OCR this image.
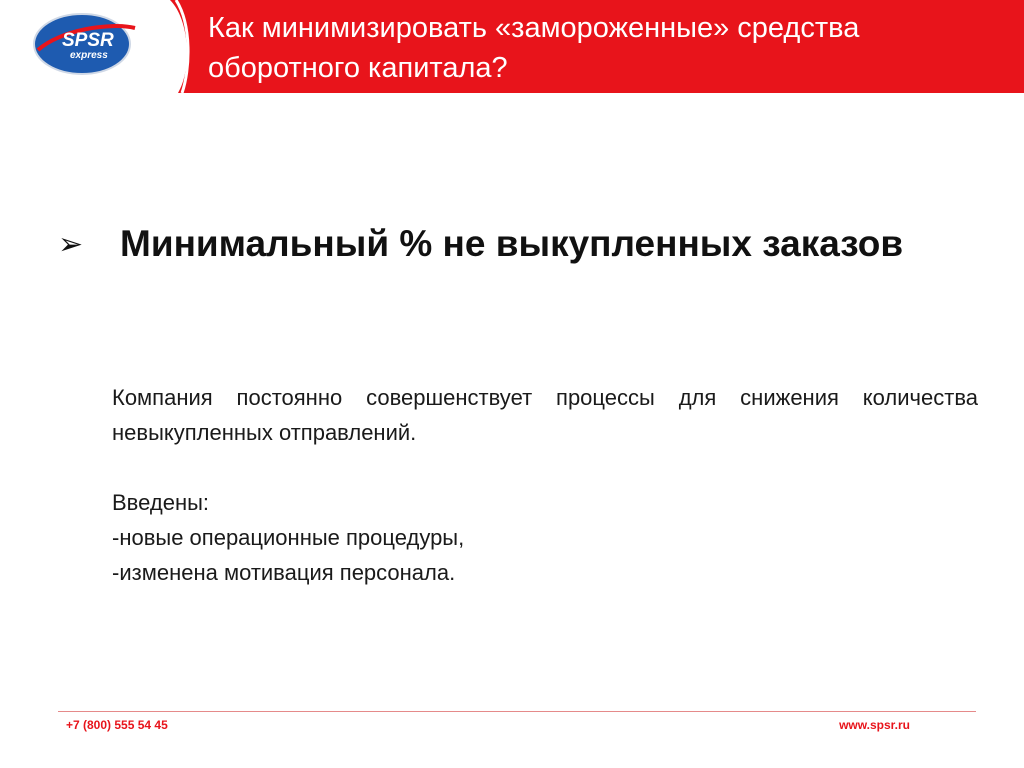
SPSR
express
Как минимизировать «замороженные» средства оборотного капитала?
➢ Минимальный % не выкупленных заказов
Компания постоянно совершенствует процессы для снижения количества невыкупленных отправлений.
Введены:
-новые операционные процедуры,
-изменена мотивация персонала.
+7 (800) 555 54 45	www.spsr.ru
